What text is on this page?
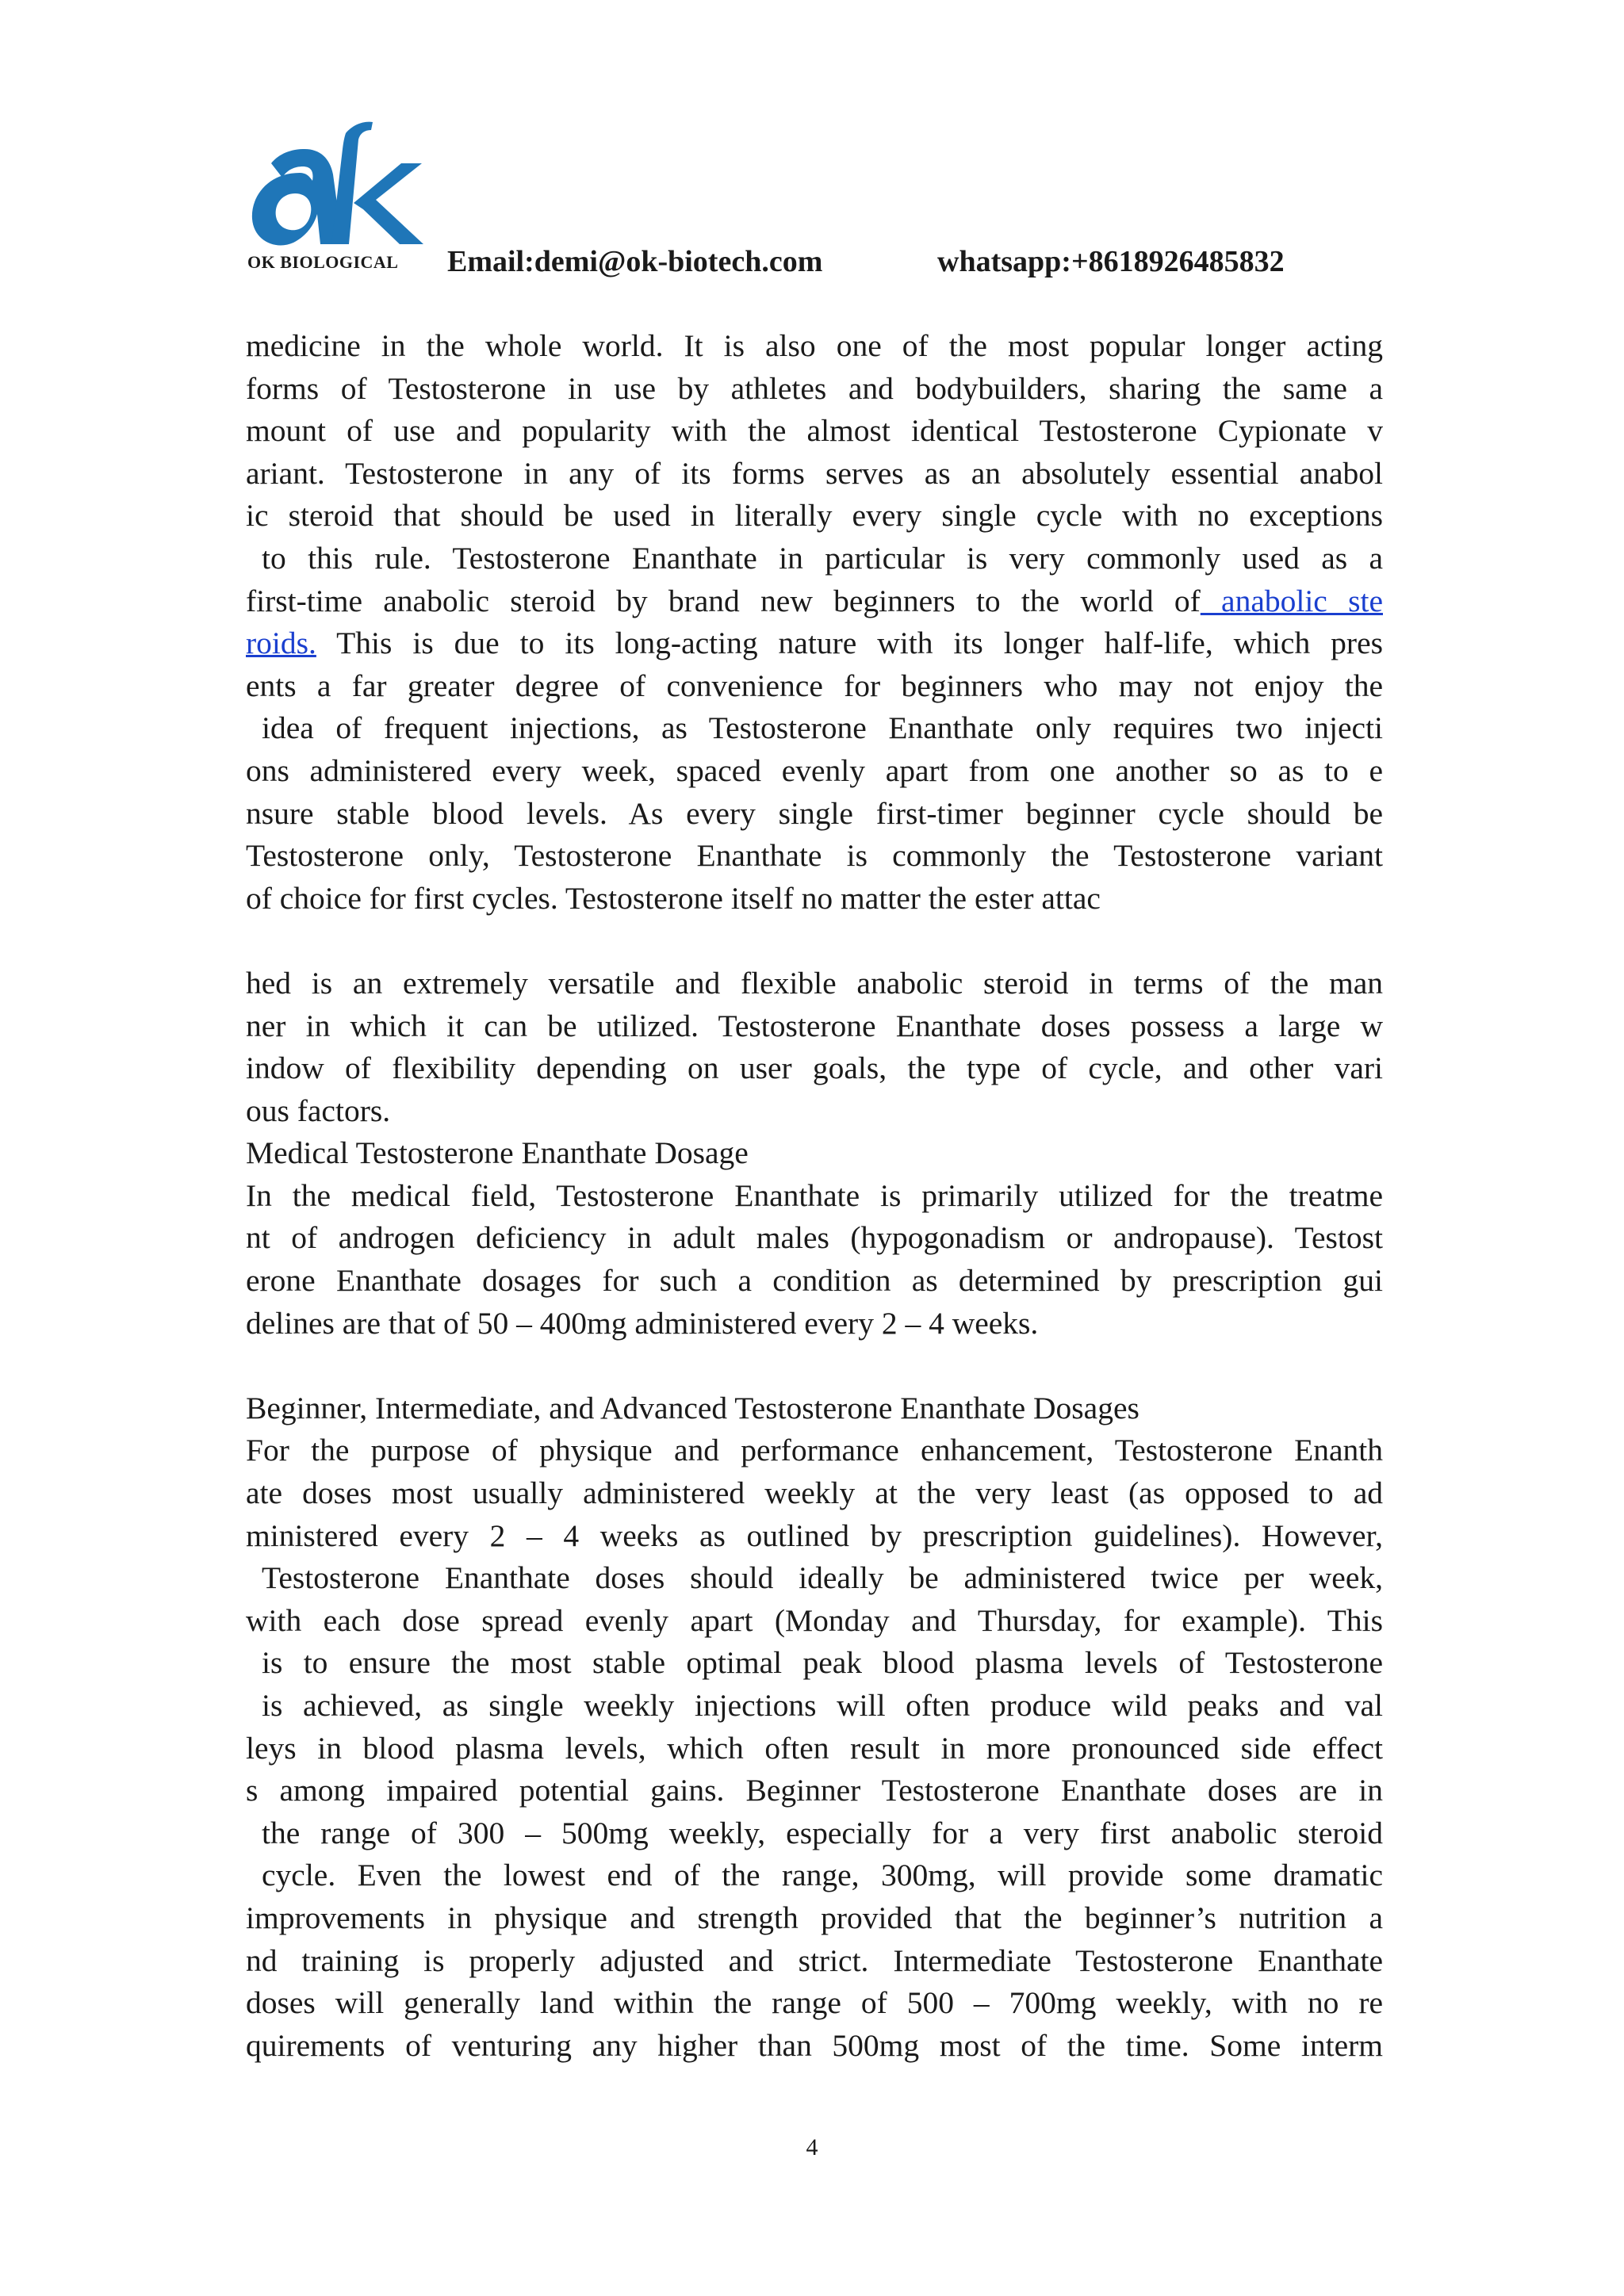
OK BIOLOGICAL Email:demi@ok-biotech.com	whatsapp:+8618926485832
medicine in the whole world. It is also one of the most popular longer acting
forms of Testosterone in use by athletes and bodybuilders, sharing the same a
mount of use and popularity with the almost identical Testosterone Cypionate v
ariant. Testosterone in any of its forms serves as an absolutely essential anabol
ic steroid that should be used in literally every single cycle with no exceptions
to this rule. Testosterone Enanthate in particular is very commonly used as a
first-time anabolic steroid by brand new beginners to the world of anabolic ste
roids. This is due to its long-acting nature with its longer half-life, which pres
ents a far greater degree of convenience for beginners who may not enjoy the
idea of frequent injections, as Testosterone Enanthate only requires two injecti
ons administered every week, spaced evenly apart from one another so as to e
nsure stable blood levels. As every single first-timer beginner cycle should be
Testosterone only, Testosterone Enanthate is commonly the Testosterone variant
of choice for first cycles. Testosterone itself no matter the ester attac
hed is an extremely versatile and flexible anabolic steroid in terms of the man
ner in which it can be utilized. Testosterone Enanthate doses possess a large w
indow of flexibility depending on user goals, the type of cycle, and other vari
ous factors.
Medical Testosterone Enanthate Dosage
In the medical field, Testosterone Enanthate is primarily utilized for the treatme
nt of androgen deficiency in adult males (hypogonadism or andropause). Testost
erone Enanthate dosages for such a condition as determined by prescription gui
delines are that of 50 – 400mg administered every 2 – 4 weeks.
Beginner, Intermediate, and Advanced Testosterone Enanthate Dosages
For the purpose of physique and performance enhancement, Testosterone Enanth
ate doses most usually administered weekly at the very least (as opposed to ad
ministered every 2 – 4 weeks as outlined by prescription guidelines). However,
Testosterone Enanthate doses should ideally be administered twice per week,
with each dose spread evenly apart (Monday and Thursday, for example). This
is to ensure the most stable optimal peak blood plasma levels of Testosterone
is achieved, as single weekly injections will often produce wild peaks and val
leys in blood plasma levels, which often result in more pronounced side effect
s among impaired potential gains. Beginner Testosterone Enanthate doses are in
the range of 300 – 500mg weekly, especially for a very first anabolic steroid
cycle. Even the lowest end of the range, 300mg, will provide some dramatic
improvements in physique and strength provided that the beginner’s nutrition a
nd training is properly adjusted and strict. Intermediate Testosterone Enanthate
doses will generally land within the range of 500 – 700mg weekly, with no re
quirements of venturing any higher than 500mg most of the time. Some interm
4
